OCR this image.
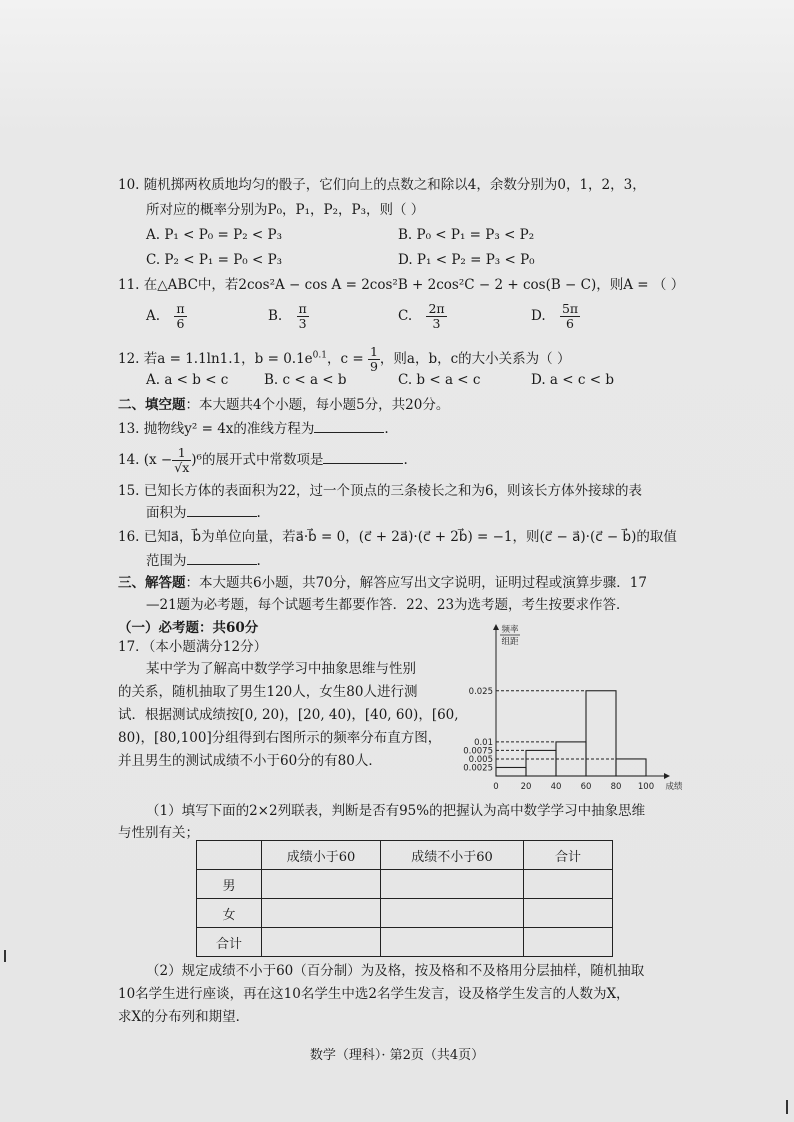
10. 随机掷两枚质地均匀的骰子，它们向上的点数之和除以4，余数分别为0，1，2，3，
所对应的概率分别为P₀，P₁，P₂，P₃，则（ ）
A. P₁ < P₀ = P₂ < P₃	B. P₀ < P₁ = P₃ < P₂
C. P₂ < P₁ = P₀ < P₃	D. P₁ < P₂ = P₃ < P₀
11. 在△ABC中，若2cos²A − cos A = 2cos²B + 2cos²C − 2 + cos(B − C)，则A = （ ）
A. $\frac{\pi}{6}$	B. $\frac{\pi}{3}$	C. $\frac{2\pi}{3}$	D. $\frac{5\pi}{6}$
12. 若a = 1.1ln1.1，$b = 0.1e^{0.1}$，$c = \frac{1}{9}$ ，则a，b，c的大小关系为（ ）
A. a < b < c	B. c < a < b	C. b < a < c	D. a < c < b
二、填空题：本大题共4个小题，每小题5分，共20分。
13. 抛物线y² = 4x的准线方程为	.
14. $(x - \frac{1}{√x} )^6$的展开式中常数项是	.
15. 已知长方体的表面积为22，过一个顶点的三条棱长之和为6，则该长方体外接球的表
面积为	.
16. 已知a⃗，b⃗为单位向量，若a⃗·b⃗ = 0，(c⃗ + 2a⃗)·(c⃗ + 2b⃗) = −1，则(c⃗ − a⃗)·(c⃗ − b⃗)的取值
范围为	.
三、解答题：本大题共6小题，共70分，解答应写出文字说明，证明过程或演算步骤．17
—21题为必考题，每个试题考生都要作答．22、23为选考题，考生按要求作答．
（一）必考题：共60分
17．（本小题满分12分）
某中学为了解高中数学学习中抽象思维与性别
的关系，随机抽取了男生120人，女生80人进行测
试．根据测试成绩按[0, 20)，[20, 40)，[40, 60)，[60,
80)，[80,100]分组得到右图所示的频率分布直方图，
并且男生的测试成绩不小于60分的有80人．	0.0025
0.005
0.0075
0.01
0.025
0	20 40 60 80 100 成绩
频率
组距
（1）填写下面的2×2列联表，判断是否有95%的把握认为高中数学学习中抽象思维
与性别有关；
	成绩小于60	成绩不小于60	合计
男			
女			
合计			
（2）规定成绩不小于60（百分制）为及格，按及格和不及格用分层抽样，随机抽取
10名学生进行座谈，再在这10名学生中选2名学生发言，设及格学生发言的人数为X，
求X的分布列和期望．
数学（理科）· 第2页（共4页）
